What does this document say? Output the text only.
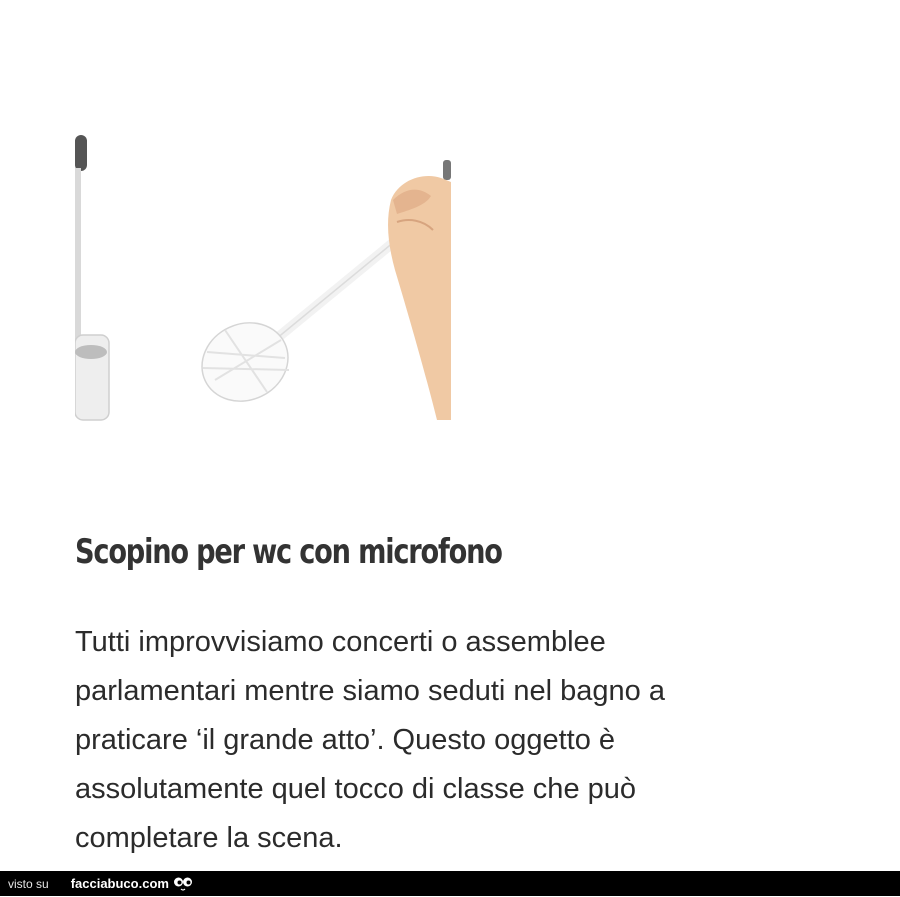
Scopino per wc con microfono

Tutti improvvisiamo concerti o assemblee parlamentari mentre siamo seduti nel bagno a praticare ‘il grande atto’. Questo oggetto è assolutamente quel tocco di classe che può completare la scena.

visto su facciabuco.com
